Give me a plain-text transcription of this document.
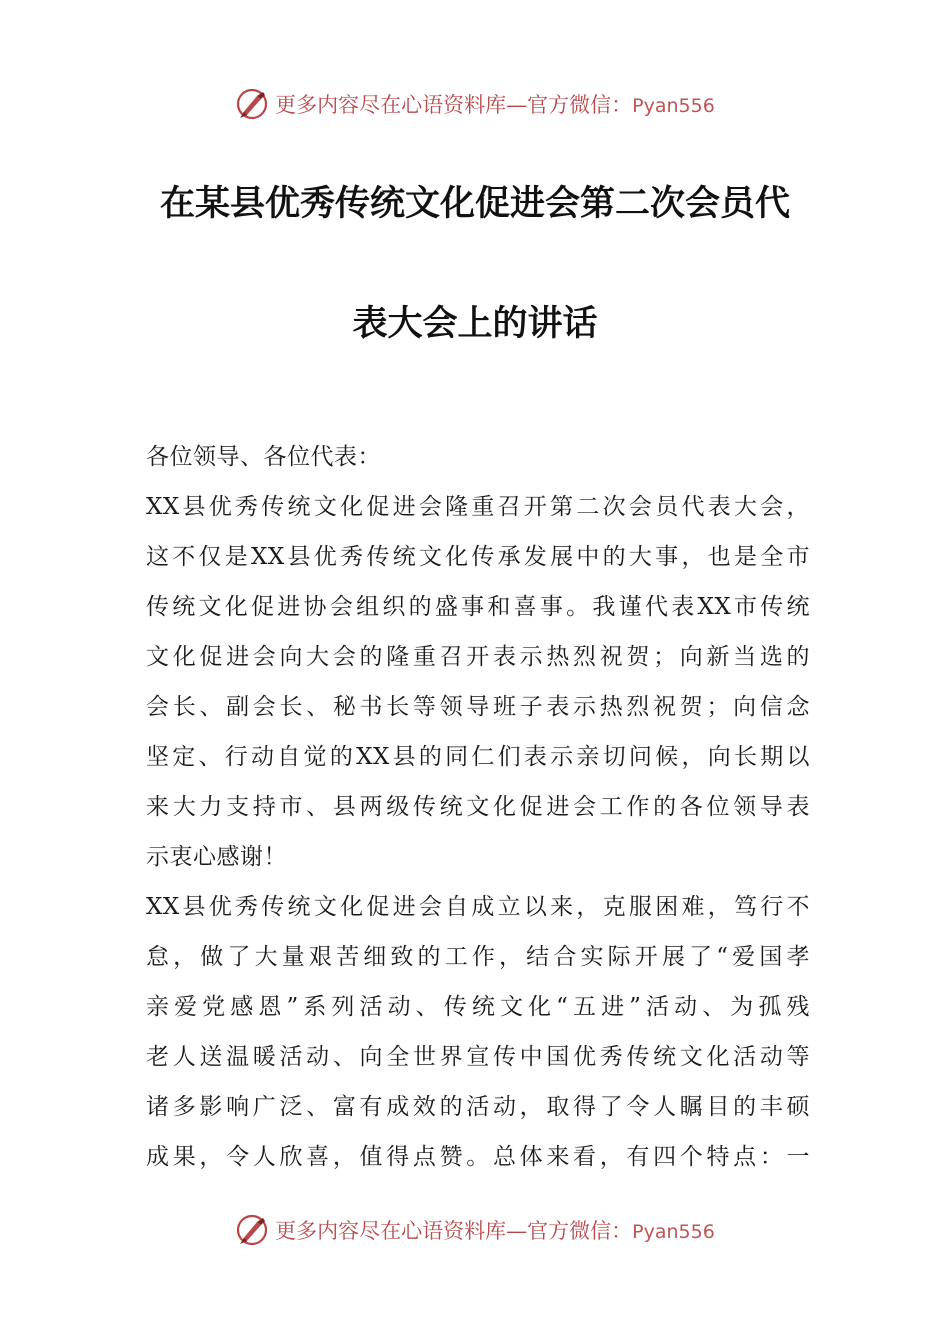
更多内容尽在心语资料库—官方微信：Pyan556
在某县优秀传统文化促进会第二次会员代
表大会上的讲话
各位领导、各位代表：
XX县优秀传统文化促进会隆重召开第二次会员代表大会，
这不仅是XX县优秀传统文化传承发展中的大事，也是全市
传统文化促进协会组织的盛事和喜事。我谨代表XX市传统
文化促进会向大会的隆重召开表示热烈祝贺；向新当选的
会长、副会长、秘书长等领导班子表示热烈祝贺；向信念
坚定、行动自觉的XX县的同仁们表示亲切问候，向长期以
来大力支持市、县两级传统文化促进会工作的各位领导表
示衷心感谢！
XX县优秀传统文化促进会自成立以来，克服困难，笃行不
怠，做了大量艰苦细致的工作，结合实际开展了“爱国孝
亲爱党感恩”系列活动、传统文化“五进”活动、为孤残
老人送温暖活动、向全世界宣传中国优秀传统文化活动等
诸多影响广泛、富有成效的活动，取得了令人瞩目的丰硕
成果，令人欣喜，值得点赞。总体来看，有四个特点：一
更多内容尽在心语资料库—官方微信：Pyan556
